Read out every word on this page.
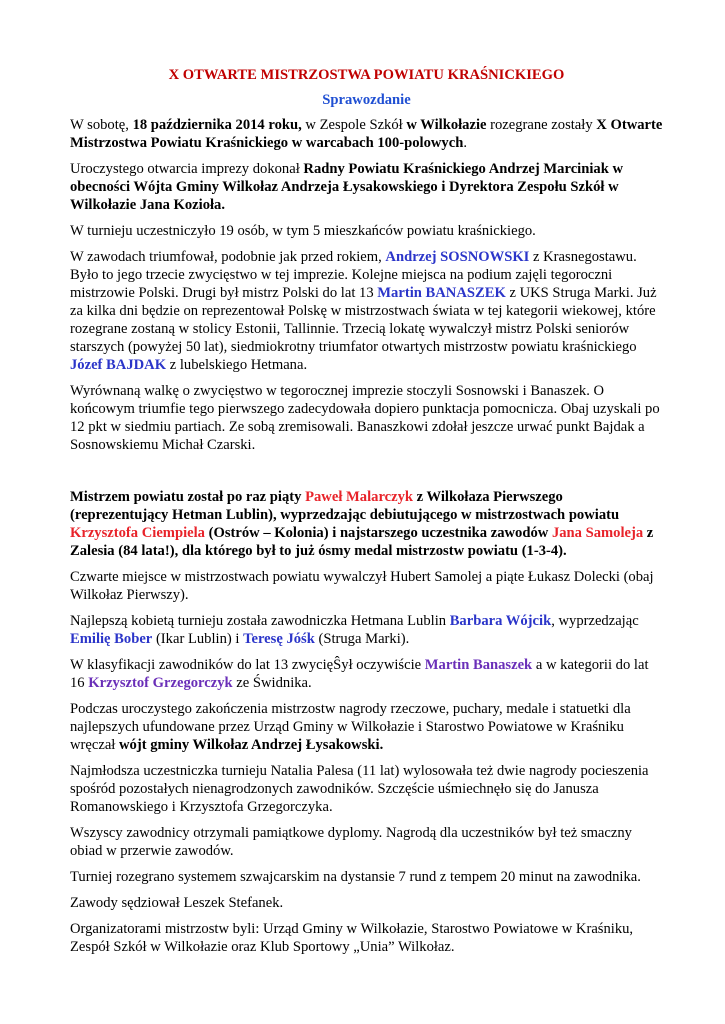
X OTWARTE MISTRZOSTWA POWIATU KRAŚNICKIEGO
Sprawozdanie

W sobotę, 18 października 2014 roku, w Zespole Szkół w Wilkołazie rozegrane zostały X Otwarte Mistrzostwa Powiatu Kraśnickiego w warcabach 100-polowych.

Uroczystego otwarcia imprezy dokonał Radny Powiatu Kraśnickiego Andrzej Marciniak w obecności Wójta Gminy Wilkołaz Andrzeja Łysakowskiego i Dyrektora Zespołu Szkół w Wilkołazie Jana Kozioła.

W turnieju uczestniczyło 19 osób, w tym 5 mieszkańców powiatu kraśnickiego.

W zawodach triumfował, podobnie jak przed rokiem, Andrzej SOSNOWSKI z Krasnegostawu. Było to jego trzecie zwycięstwo w tej imprezie. Kolejne miejsca na podium zajęli tegoroczni mistrzowie Polski. Drugi był mistrz Polski do lat 13 Martin BANASZEK z UKS Struga Marki. Już za kilka dni będzie on reprezentował Polskę w mistrzostwach świata w tej kategorii wiekowej, które rozegrane zostaną w stolicy Estonii, Tallinnie. Trzecią lokatę wywalczył mistrz Polski seniorów starszych (powyżej 50 lat), siedmiokrotny triumfator otwartych mistrzostw powiatu kraśnickiego Józef BAJDAK z lubelskiego Hetmana.

Wyrównaną walkę o zwycięstwo w tegorocznej imprezie stoczyli Sosnowski i Banaszek. O końcowym triumfie tego pierwszego zadecydowała dopiero punktacja pomocnicza. Obaj uzyskali po 12 pkt w siedmiu partiach. Ze sobą zremisowali. Banaszkowi zdołał jeszcze urwać punkt Bajdak a Sosnowskiemu Michał Czarski.

Mistrzem powiatu został po raz piąty Paweł Malarczyk z Wilkołaza Pierwszego (reprezentujący Hetman Lublin), wyprzedzając debiutującego w mistrzostwach powiatu Krzysztofa Ciempiela (Ostrów – Kolonia) i najstarszego uczestnika zawodów Jana Samoleja z Zalesia (84 lata!), dla którego był to już ósmy medal mistrzostw powiatu (1-3-4).

Czwarte miejsce w mistrzostwach powiatu wywalczył Hubert Samolej a piąte Łukasz Dolecki (obaj Wilkołaz Pierwszy).

Najlepszą kobietą turnieju została zawodniczka Hetmana Lublin Barbara Wójcik, wyprzedzając Emilię Bober (Ikar Lublin) i Teresę Jóśk (Struga Marki).

W klasyfikacji zawodników do lat 13 zwycięŜył oczywiście Martin Banaszek a w kategorii do lat 16 Krzysztof Grzegorczyk ze Świdnika.

Podczas uroczystego zakończenia mistrzostw nagrody rzeczowe, puchary, medale i statuetki dla najlepszych ufundowane przez Urząd Gminy w Wilkołazie i Starostwo Powiatowe w Kraśniku wręczał wójt gminy Wilkołaz Andrzej Łysakowski.

Najmłodsza uczestniczka turnieju Natalia Palesa (11 lat) wylosowała też dwie nagrody pocieszenia spośród pozostałych nienagrodzonych zawodników. Szczęście uśmiechnęło się do Janusza Romanowskiego i Krzysztofa Grzegorczyka.

Wszyscy zawodnicy otrzymali pamiątkowe dyplomy. Nagrodą dla uczestników był też smaczny obiad w przerwie zawodów.

Turniej rozegrano systemem szwajcarskim na dystansie 7 rund z tempem 20 minut na zawodnika.

Zawody sędziował Leszek Stefanek.

Organizatorami mistrzostw byli: Urząd Gminy w Wilkołazie, Starostwo Powiatowe w Kraśniku, Zespół Szkół w Wilkołazie oraz Klub Sportowy „Unia” Wilkołaz.
